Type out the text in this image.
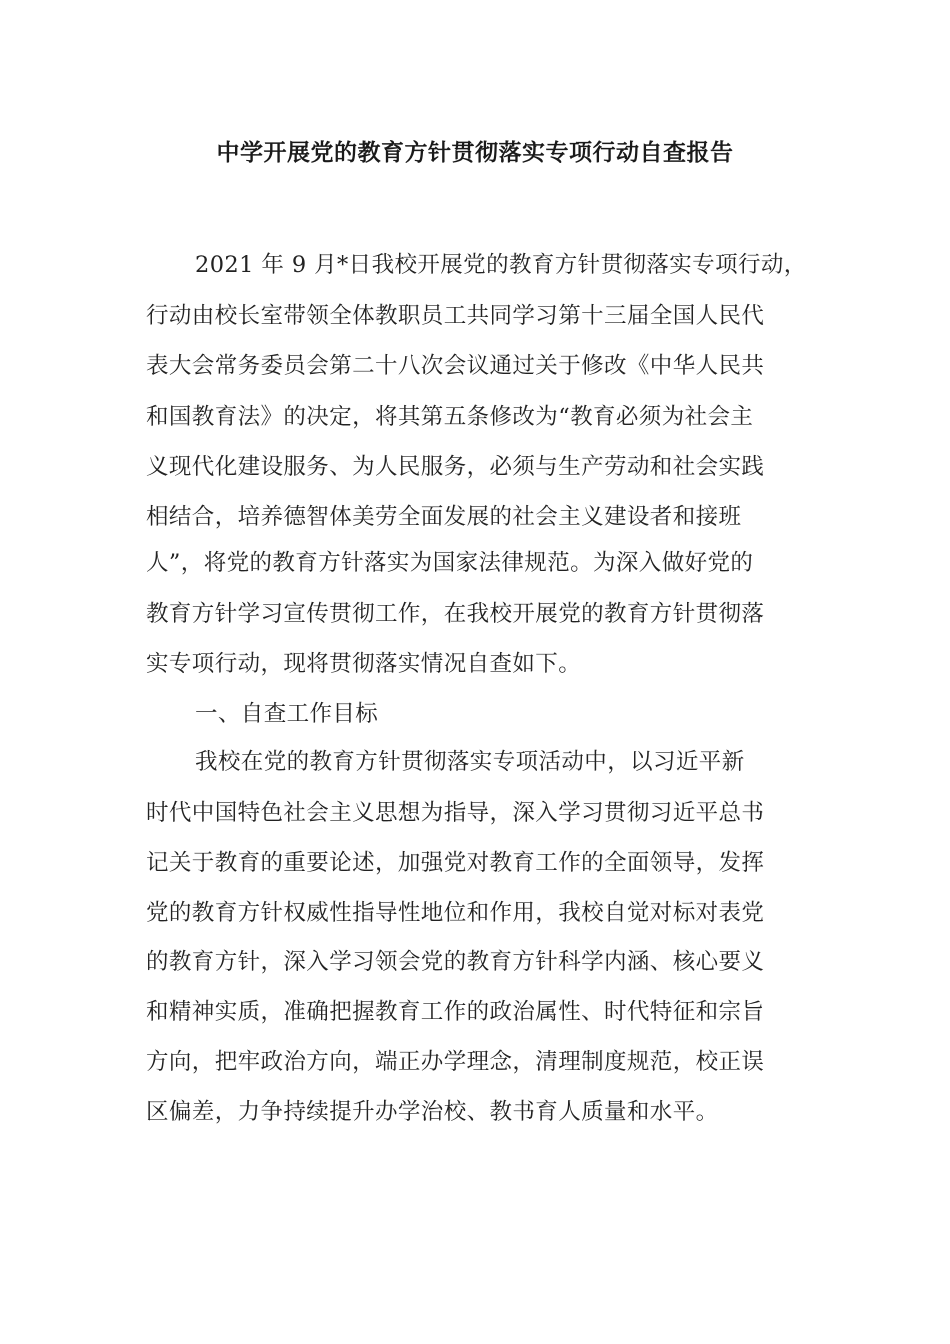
中学开展党的教育方针贯彻落实专项行动自查报告
2021 年 9 月*日我校开展党的教育方针贯彻落实专项行动，
行动由校长室带领全体教职员工共同学习第十三届全国人民代
表大会常务委员会第二十八次会议通过关于修改《中华人民共
和国教育法》的决定，将其第五条修改为“教育必须为社会主
义现代化建设服务、为人民服务，必须与生产劳动和社会实践
相结合，培养德智体美劳全面发展的社会主义建设者和接班
人”，将党的教育方针落实为国家法律规范。为深入做好党的
教育方针学习宣传贯彻工作，在我校开展党的教育方针贯彻落
实专项行动，现将贯彻落实情况自查如下。
一、自查工作目标
我校在党的教育方针贯彻落实专项活动中，以习近平新
时代中国特色社会主义思想为指导，深入学习贯彻习近平总书
记关于教育的重要论述，加强党对教育工作的全面领导，发挥
党的教育方针权威性指导性地位和作用，我校自觉对标对表党
的教育方针，深入学习领会党的教育方针科学内涵、核心要义
和精神实质，准确把握教育工作的政治属性、时代特征和宗旨
方向，把牢政治方向，端正办学理念，清理制度规范，校正误
区偏差，力争持续提升办学治校、教书育人质量和水平。
